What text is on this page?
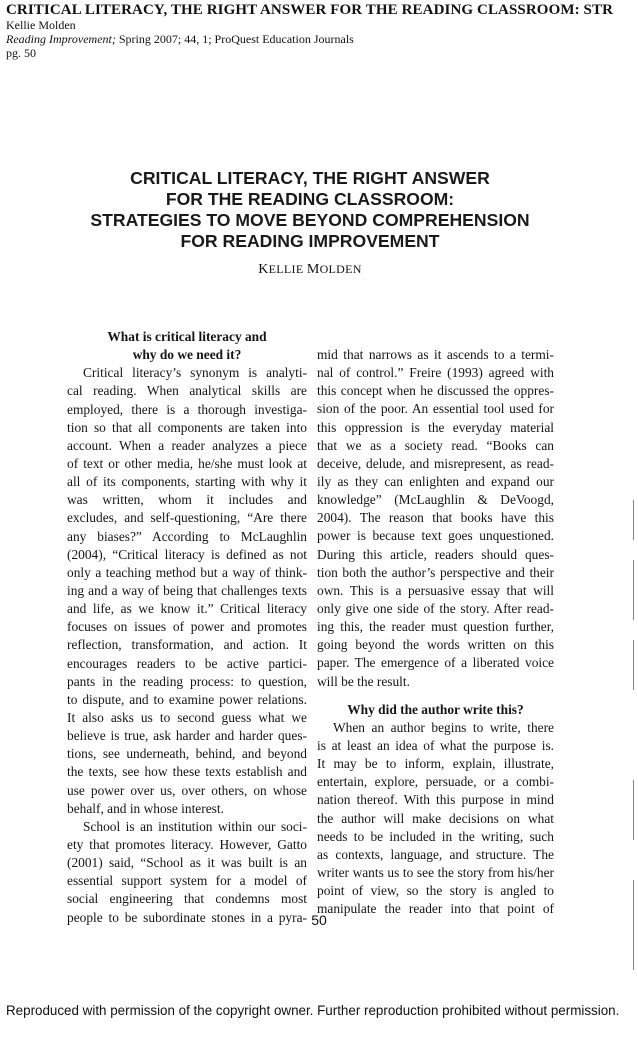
CRITICAL LITERACY, THE RIGHT ANSWER FOR THE READING CLASSROOM: STR
Kellie Molden
Reading Improvement; Spring 2007; 44, 1; ProQuest Education Journals
pg. 50
CRITICAL LITERACY, THE RIGHT ANSWER
FOR THE READING CLASSROOM:
STRATEGIES TO MOVE BEYOND COMPREHENSION
FOR READING IMPROVEMENT
KELLIE MOLDEN
What is critical literacy and
why do we need it?
Critical literacy’s synonym is analyti-
cal reading. When analytical skills are
employed, there is a thorough investiga-
tion so that all components are taken into
account. When a reader analyzes a piece
of text or other media, he/she must look at
all of its components, starting with why it
was written, whom it includes and
excludes, and self-questioning, “Are there
any biases?” According to McLaughlin
(2004), “Critical literacy is defined as not
only a teaching method but a way of think-
ing and a way of being that challenges texts
and life, as we know it.” Critical literacy
focuses on issues of power and promotes
reflection, transformation, and action. It
encourages readers to be active partici-
pants in the reading process: to question,
to dispute, and to examine power relations.
It also asks us to second guess what we
believe is true, ask harder and harder ques-
tions, see underneath, behind, and beyond
the texts, see how these texts establish and
use power over us, over others, on whose
behalf, and in whose interest.
School is an institution within our soci-
ety that promotes literacy. However, Gatto
(2001) said, “School as it was built is an
essential support system for a model of
social engineering that condemns most
people to be subordinate stones in a pyra-
mid that narrows as it ascends to a termi-
nal of control.” Freire (1993) agreed with
this concept when he discussed the oppres-
sion of the poor. An essential tool used for
this oppression is the everyday material
that we as a society read. “Books can
deceive, delude, and misrepresent, as read-
ily as they can enlighten and expand our
knowledge” (McLaughlin & DeVoogd,
2004). The reason that books have this
power is because text goes unquestioned.
During this article, readers should ques-
tion both the author’s perspective and their
own. This is a persuasive essay that will
only give one side of the story. After read-
ing this, the reader must question further,
going beyond the words written on this
paper. The emergence of a liberated voice
will be the result.
Why did the author write this?
When an author begins to write, there
is at least an idea of what the purpose is.
It may be to inform, explain, illustrate,
entertain, explore, persuade, or a combi-
nation thereof. With this purpose in mind
the author will make decisions on what
needs to be included in the writing, such
as contexts, language, and structure. The
writer wants us to see the story from his/her
point of view, so the story is angled to
manipulate the reader into that point of
50
Reproduced with permission of the copyright owner. Further reproduction prohibited without permission.
